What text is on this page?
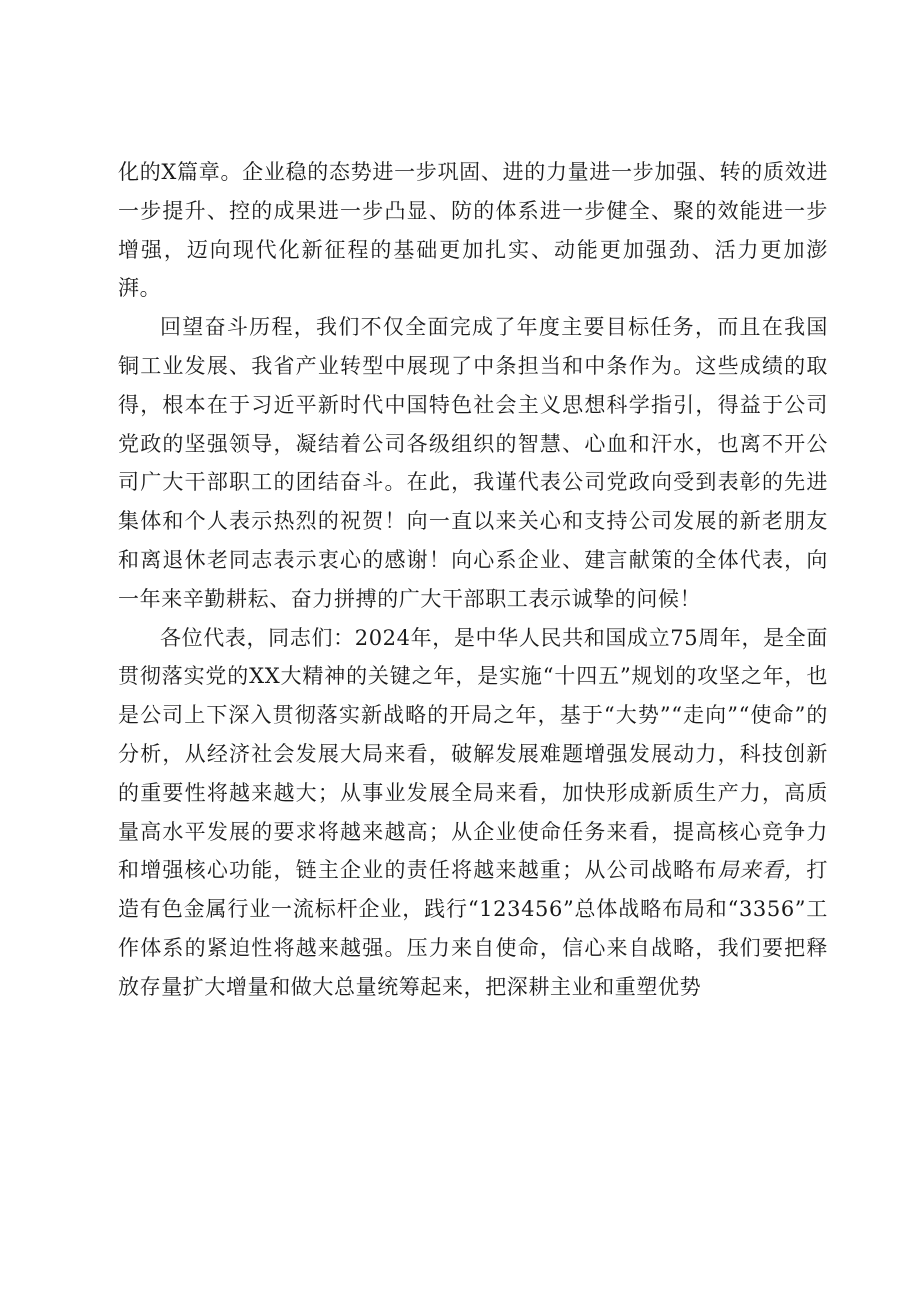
化的X篇章。企业稳的态势进一步巩固、进的力量进一步加强、转的质效进一步提升、控的成果进一步凸显、防的体系进一步健全、聚的效能进一步增强，迈向现代化新征程的基础更加扎实、动能更加强劲、活力更加澎湃。

回望奋斗历程，我们不仅全面完成了年度主要目标任务，而且在我国铜工业发展、我省产业转型中展现了中条担当和中条作为。这些成绩的取得，根本在于习近平新时代中国特色社会主义思想科学指引，得益于公司党政的坚强领导，凝结着公司各级组织的智慧、心血和汗水，也离不开公司广大干部职工的团结奋斗。在此，我谨代表公司党政向受到表彰的先进集体和个人表示热烈的祝贺！向一直以来关心和支持公司发展的新老朋友和离退休老同志表示衷心的感谢！向心系企业、建言献策的全体代表，向一年来辛勤耕耘、奋力拼搏的广大干部职工表示诚挚的问候！

各位代表，同志们：2024年，是中华人民共和国成立75周年，是全面贯彻落实党的XX大精神的关键之年，是实施“十四五”规划的攻坚之年，也是公司上下深入贯彻落实新战略的开局之年，基于“大势”“走向”“使命”的分析，从经济社会发展大局来看，破解发展难题增强发展动力，科技创新的重要性将越来越大；从事业发展全局来看，加快形成新质生产力，高质量高水平发展的要求将越来越高；从企业使命任务来看，提高核心竞争力和增强核心功能，链主企业的责任将越来越重；从公司战略布局来看，打造有色金属行业一流标杆企业，践行“123456”总体战略布局和“3356”工作体系的紧迫性将越来越强。压力来自使命，信心来自战略，我们要把释放存量扩大增量和做大总量统筹起来，把深耕主业和重塑优势
